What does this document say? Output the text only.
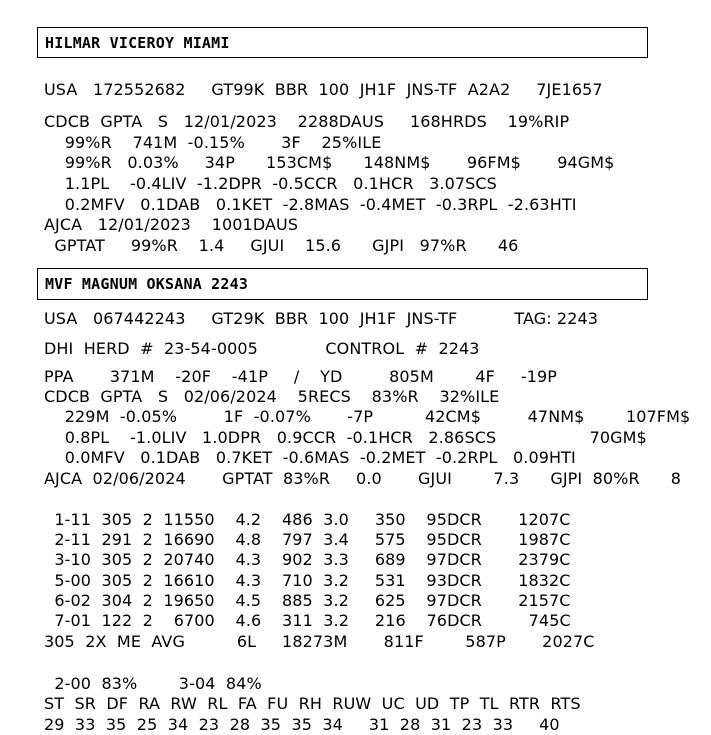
HILMAR VICEROY MIAMI
USA   172552682     GT99K  BBR  100  JH1F  JNS-TF  A2A2     7JE1657
CDCB  GPTA   S   12/01/2023    2288DAUS     168HRDS    19%RIP
99%R    741M  -0.15%       3F    25%ILE
99%R   0.03%     34P      153CM$      148NM$       96FM$       94GM$
1.1PL    -0.4LIV  -1.2DPR  -0.5CCR   0.1HCR   3.07SCS
0.2MFV   0.1DAB   0.1KET  -2.8MAS  -0.4MET  -0.3RPL  -2.63HTI
AJCA   12/01/2023    1001DAUS
GPTAT     99%R    1.4     GJUI    15.6      GJPI   97%R      46
MVF MAGNUM OKSANA 2243
USA   067442243     GT29K  BBR  100  JH1F  JNS-TF           TAG: 2243
DHI  HERD  #  23-54-0005             CONTROL  #  2243
PPA       371M    -20F    -41P     /    YD         805M        4F     -19P
CDCB  GPTA   S   02/06/2024    5RECS    83%R    32%ILE
229M  -0.05%         1F  -0.07%       -7P          42CM$         47NM$        107FM$
0.8PL    -1.0LIV   1.0DPR   0.9CCR  -0.1HCR   2.86SCS                  70GM$
0.0MFV   0.1DAB   0.7KET  -0.6MAS  -0.2MET  -0.2RPL   0.09HTI
AJCA  02/06/2024       GPTAT  83%R     0.0       GJUI        7.3      GJPI  80%R      8
1-11  305  2  11550    4.2    486  3.0     350    95DCR       1207C
2-11  291  2  16690    4.8    797  3.4     575    95DCR       1987C
3-10  305  2  20740    4.3    902  3.3     689    97DCR       2379C
5-00  305  2  16610    4.3    710  3.2     531    93DCR       1832C
6-02  304  2  19650    4.5    885  3.2     625    97DCR       2157C
7-01  122  2    6700    4.6    311  3.2     216    76DCR         745C
305  2X  ME  AVG          6L     18273M       811F        587P       2027C
2-00  83%        3-04  84%
ST  SR  DF  RA  RW  RL  FA  FU  RH  RUW  UC  UD  TP  TL  RTR  RTS
29  33  35  25  34  23  28  35  35  34     31  28  31  23  33     40
